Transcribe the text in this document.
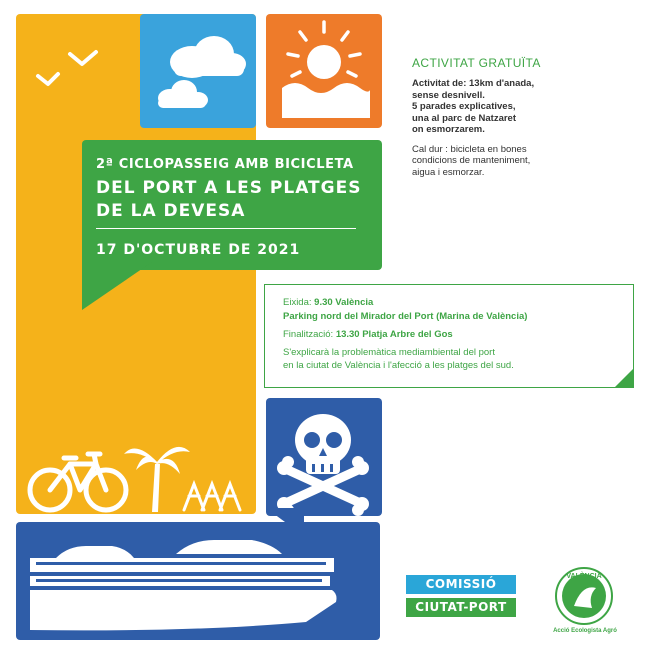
2ª CICLOPASSEIG AMB BICICLETA
DEL PORT A LES PLATGES
DE LA DEVESA
17 D'OCTUBRE DE 2021
ACTIVITAT GRATUÏTA
Activitat de: 13km d'anada,
sense desnivell.
5 parades explicatives,
una al parc de Natzaret
on esmorzarem.
Cal dur : bicicleta en bones
condicions de manteniment,
aigua i esmorzar.
Eixida: 9.30 València
Parking nord del Mirador del Port (Marina de València)
Finalització: 13.30 Platja Arbre del Gos
S'explicarà la problemàtica mediambiental del port
en la ciutat de València i l'afecció a les platges del sud.
COMISSIÓ
CIUTAT-PORT
VALÈNCIA
Acció Ecologista Agró
